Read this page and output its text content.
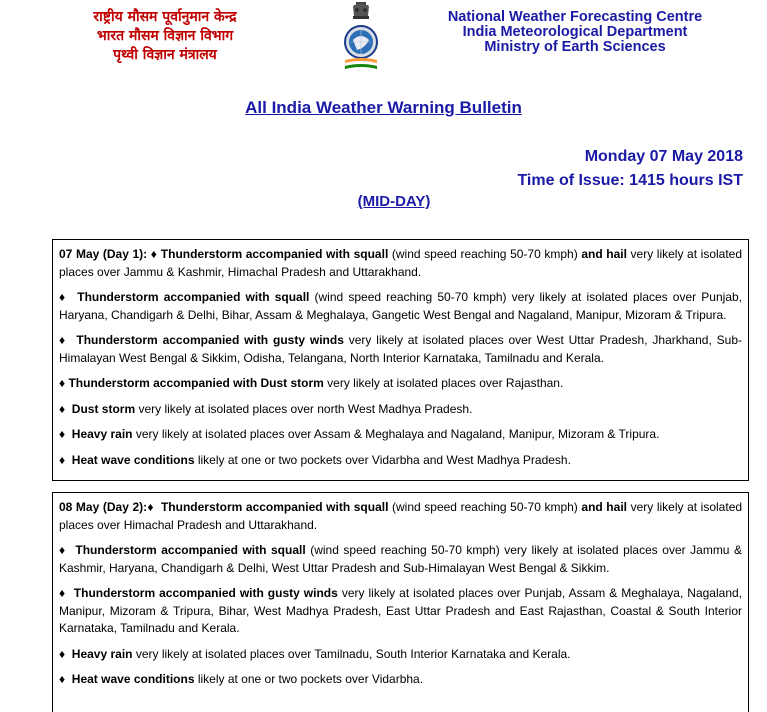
राष्ट्रीय मौसम पूर्वानुमान केन्द्र
भारत मौसम विज्ञान विभाग
पृथ्वी विज्ञान मंत्रालय
National Weather Forecasting Centre
India Meteorological Department
Ministry of Earth Sciences
All India Weather Warning Bulletin
Monday 07 May 2018
Time of Issue: 1415 hours IST
(MID-DAY)

07 May (Day 1): ♦ Thunderstorm accompanied with squall (wind speed reaching 50-70 kmph) and hail very likely at isolated places over Jammu & Kashmir, Himachal Pradesh and Uttarakhand.

♦ Thunderstorm accompanied with squall (wind speed reaching 50-70 kmph) very likely at isolated places over Punjab, Haryana, Chandigarh & Delhi, Bihar, Assam & Meghalaya, Gangetic West Bengal and Nagaland, Manipur, Mizoram & Tripura.

♦ Thunderstorm accompanied with gusty winds very likely at isolated places over West Uttar Pradesh, Jharkhand, Sub-Himalayan West Bengal & Sikkim, Odisha, Telangana, North Interior Karnataka, Tamilnadu and Kerala.

♦ Thunderstorm accompanied with Dust storm very likely at isolated places over Rajasthan.

♦ Dust storm very likely at isolated places over north West Madhya Pradesh.

♦ Heavy rain very likely at isolated places over Assam & Meghalaya and Nagaland, Manipur, Mizoram & Tripura.

♦ Heat wave conditions likely at one or two pockets over Vidarbha and West Madhya Pradesh.

08 May (Day 2):♦ Thunderstorm accompanied with squall (wind speed reaching 50-70 kmph) and hail very likely at isolated places over Himachal Pradesh and Uttarakhand.

♦ Thunderstorm accompanied with squall (wind speed reaching 50-70 kmph) very likely at isolated places over Jammu & Kashmir, Haryana, Chandigarh & Delhi, West Uttar Pradesh and Sub-Himalayan West Bengal & Sikkim.

♦ Thunderstorm accompanied with gusty winds very likely at isolated places over Punjab, Assam & Meghalaya, Nagaland, Manipur, Mizoram & Tripura, Bihar, West Madhya Pradesh, East Uttar Pradesh and East Rajasthan, Coastal & South Interior Karnataka, Tamilnadu and Kerala.

♦ Heavy rain very likely at isolated places over Tamilnadu, South Interior Karnataka and Kerala.

♦ Heat wave conditions likely at one or two pockets over Vidarbha.
